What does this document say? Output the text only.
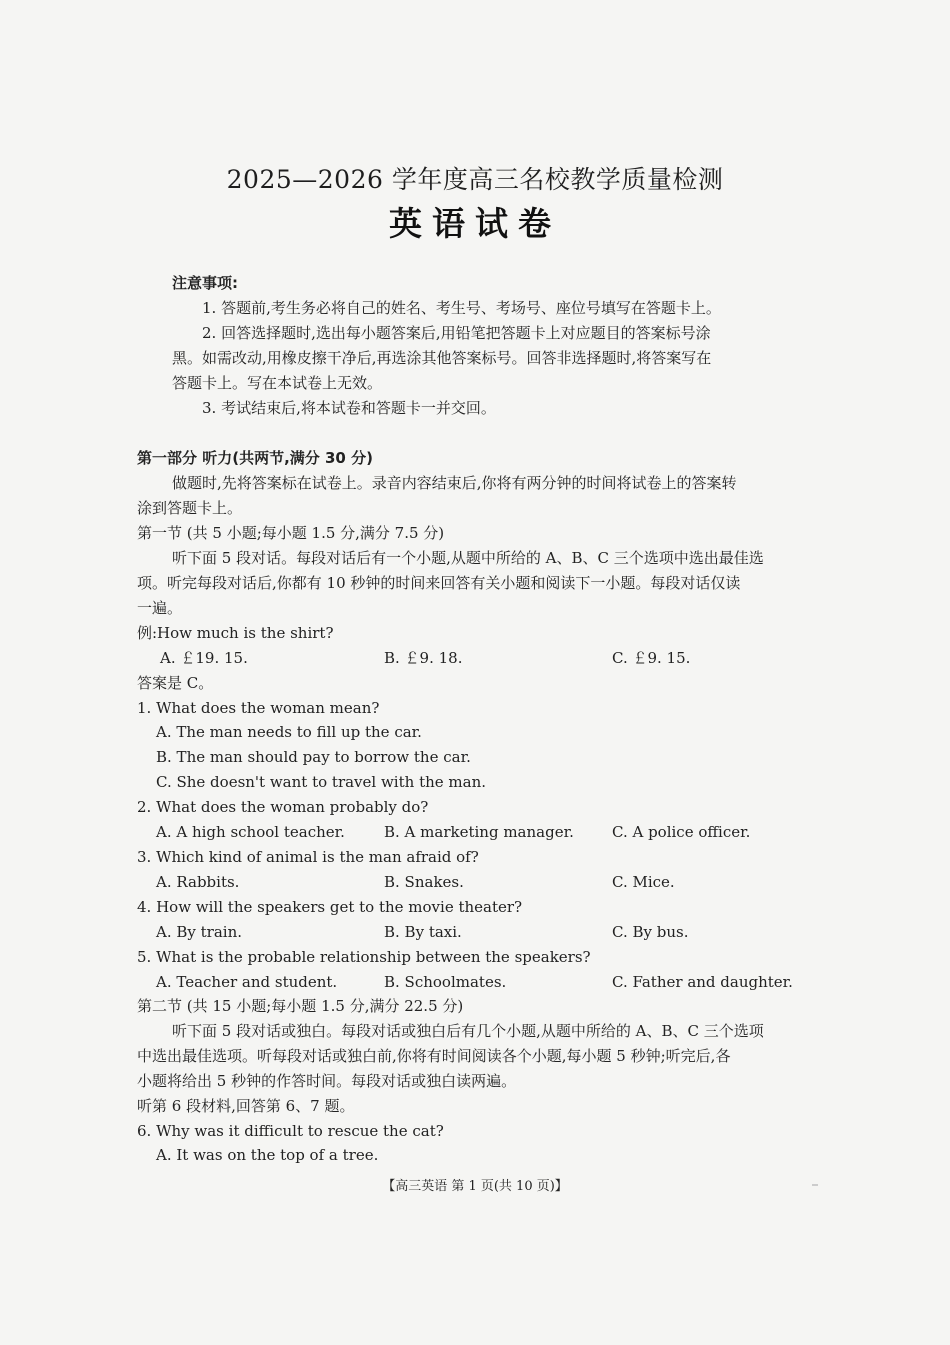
2025—2026 学年度高三名校教学质量检测
英语试卷
注意事项:
1. 答题前,考生务必将自己的姓名、考生号、考场号、座位号填写在答题卡上。
2. 回答选择题时,选出每小题答案后,用铅笔把答题卡上对应题目的答案标号涂
黑。如需改动,用橡皮擦干净后,再选涂其他答案标号。回答非选择题时,将答案写在
答题卡上。写在本试卷上无效。
3. 考试结束后,将本试卷和答题卡一并交回。
第一部分 听力(共两节,满分 30 分)
做题时,先将答案标在试卷上。录音内容结束后,你将有两分钟的时间将试卷上的答案转
涂到答题卡上。
第一节 (共 5 小题;每小题 1.5 分,满分 7.5 分)
听下面 5 段对话。每段对话后有一个小题,从题中所给的 A、B、C 三个选项中选出最佳选
项。听完每段对话后,你都有 10 秒钟的时间来回答有关小题和阅读下一小题。每段对话仅读
一遍。
例:How much is the shirt?
A. ￡19. 15.	B. ￡9. 18.	C. ￡9. 15.
答案是 C。
1. What does the woman mean?
A. The man needs to fill up the car.
B. The man should pay to borrow the car.
C. She doesn't want to travel with the man.
2. What does the woman probably do?
A. A high school teacher.	B. A marketing manager.	C. A police officer.
3. Which kind of animal is the man afraid of?
A. Rabbits.	B. Snakes.	C. Mice.
4. How will the speakers get to the movie theater?
A. By train.	B. By taxi.	C. By bus.
5. What is the probable relationship between the speakers?
A. Teacher and student.	B. Schoolmates.	C. Father and daughter.
第二节 (共 15 小题;每小题 1.5 分,满分 22.5 分)
听下面 5 段对话或独白。每段对话或独白后有几个小题,从题中所给的 A、B、C 三个选项
中选出最佳选项。听每段对话或独白前,你将有时间阅读各个小题,每小题 5 秒钟;听完后,各
小题将给出 5 秒钟的作答时间。每段对话或独白读两遍。
听第 6 段材料,回答第 6、7 题。
6. Why was it difficult to rescue the cat?
A. It was on the top of a tree.
【高三英语 第 1 页(共 10 页)】
